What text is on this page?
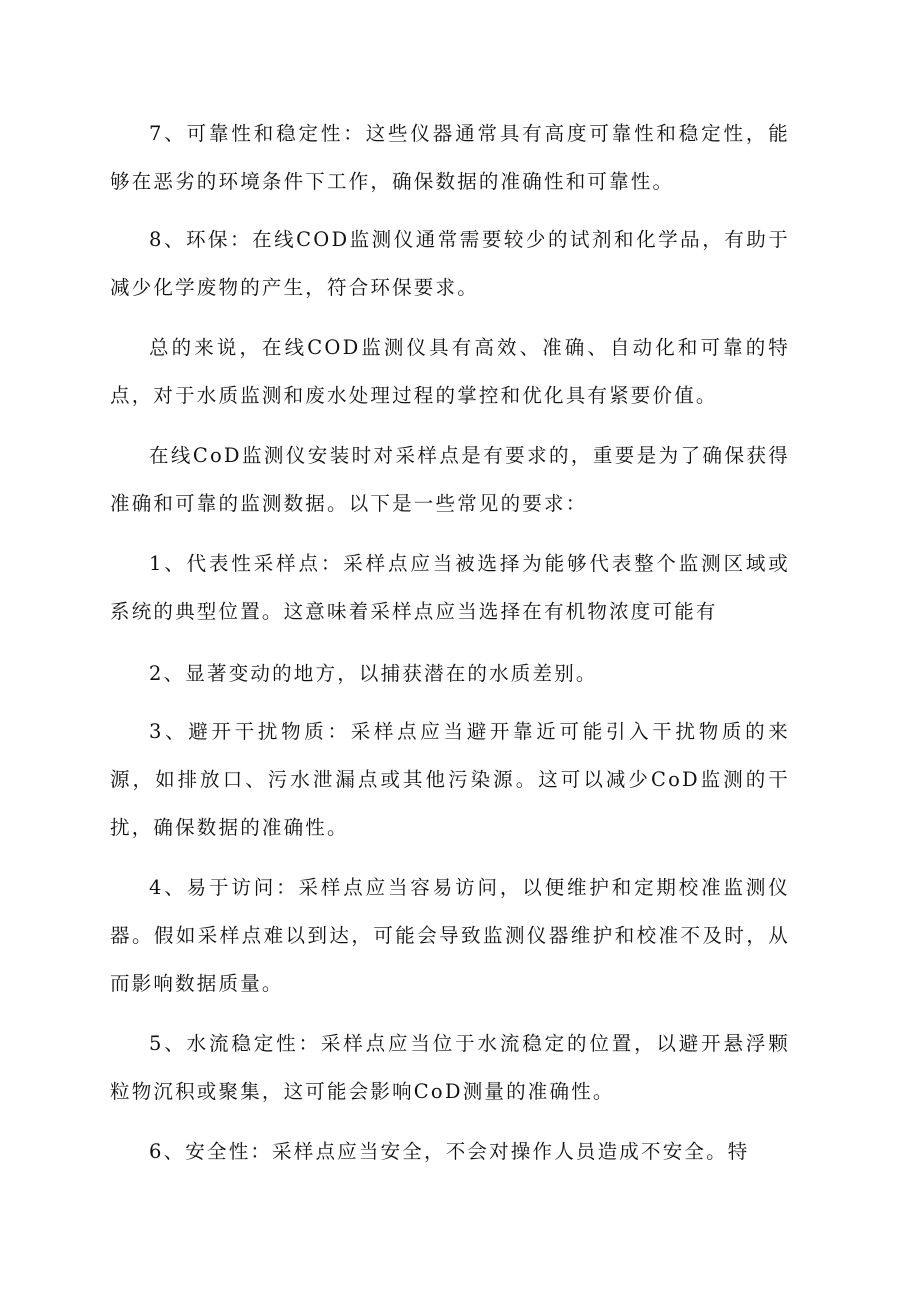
7、可靠性和稳定性：这些仪器通常具有高度可靠性和稳定性，能够在恶劣的环境条件下工作，确保数据的准确性和可靠性。

8、环保：在线COD监测仪通常需要较少的试剂和化学品，有助于减少化学废物的产生，符合环保要求。

总的来说，在线COD监测仪具有高效、准确、自动化和可靠的特点，对于水质监测和废水处理过程的掌控和优化具有紧要价值。

在线CoD监测仪安装时对采样点是有要求的，重要是为了确保获得准确和可靠的监测数据。以下是一些常见的要求：

1、代表性采样点：采样点应当被选择为能够代表整个监测区域或系统的典型位置。这意味着采样点应当选择在有机物浓度可能有

2、显著变动的地方，以捕获潜在的水质差别。

3、避开干扰物质：采样点应当避开靠近可能引入干扰物质的来源，如排放口、污水泄漏点或其他污染源。这可以减少CoD监测的干扰，确保数据的准确性。

4、易于访问：采样点应当容易访问，以便维护和定期校准监测仪器。假如采样点难以到达，可能会导致监测仪器维护和校准不及时，从而影响数据质量。

5、水流稳定性：采样点应当位于水流稳定的位置，以避开悬浮颗粒物沉积或聚集，这可能会影响CoD测量的准确性。

6、安全性：采样点应当安全，不会对操作人员造成不安全。特
